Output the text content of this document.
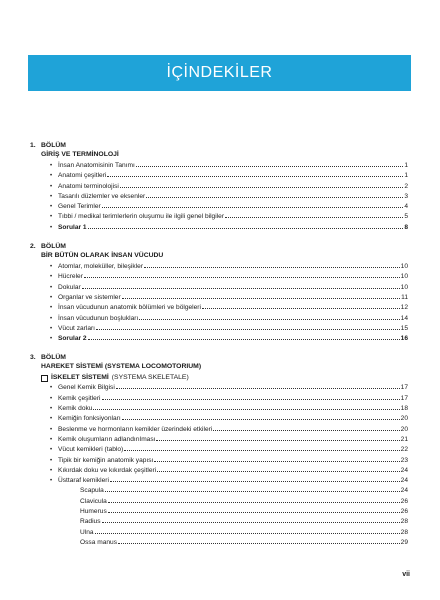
İÇİNDEKİLER
1. BÖLÜM
GİRİŞ VE TERMİNOLOJİ
• İnsan Anatomisinin Tanımı	1
• Anatomi çeşitleri	1
• Anatomi terminolojisi	2
• Tasarılı düzlemler ve eksenler	3
• Genel Terimler	4
• Tıbbi / medikal terimlerlerin oluşumu ile ilgili genel bilgiler	5
• Sorular 1	8
2. BÖLÜM
BİR BÜTÜN OLARAK İNSAN VÜCUDU
• Atomlar, moleküller, bileşikler	10
• Hücreler	10
• Dokular	10
• Organlar ve sistemler	11
• İnsan vücudunun anatomik bölümleri ve bölgeleri	12
• İnsan vücudunun boşlukları	14
• Vücut zarları	15
• Sorular 2	16
3. BÖLÜM
HAREKET SİSTEMİ (SYSTEMA LOCOMOTORIUM)
İSKELET SİSTEMİ (SYSTEMA SKELETALE)
• Genel Kemik Bilgisi	17
• Kemik çeşitleri	17
• Kemik doku	18
• Kemiğin fonksiyonları	20
• Beslenme ve hormonların kemikler üzerindeki etkileri	20
• Kemik oluşumların adlandırılması	21
• Vücut kemikleri (tablo)	22
• Tipik bir kemiğin anatomik yapısı	23
• Kıkırdak doku ve kıkırdak çeşitleri	24
• Üsttaraf kemikleri	24
Scapula	24
Clavicula	26
Humerus	26
Radius	28
Ulna	28
Ossa manus	29
vii
